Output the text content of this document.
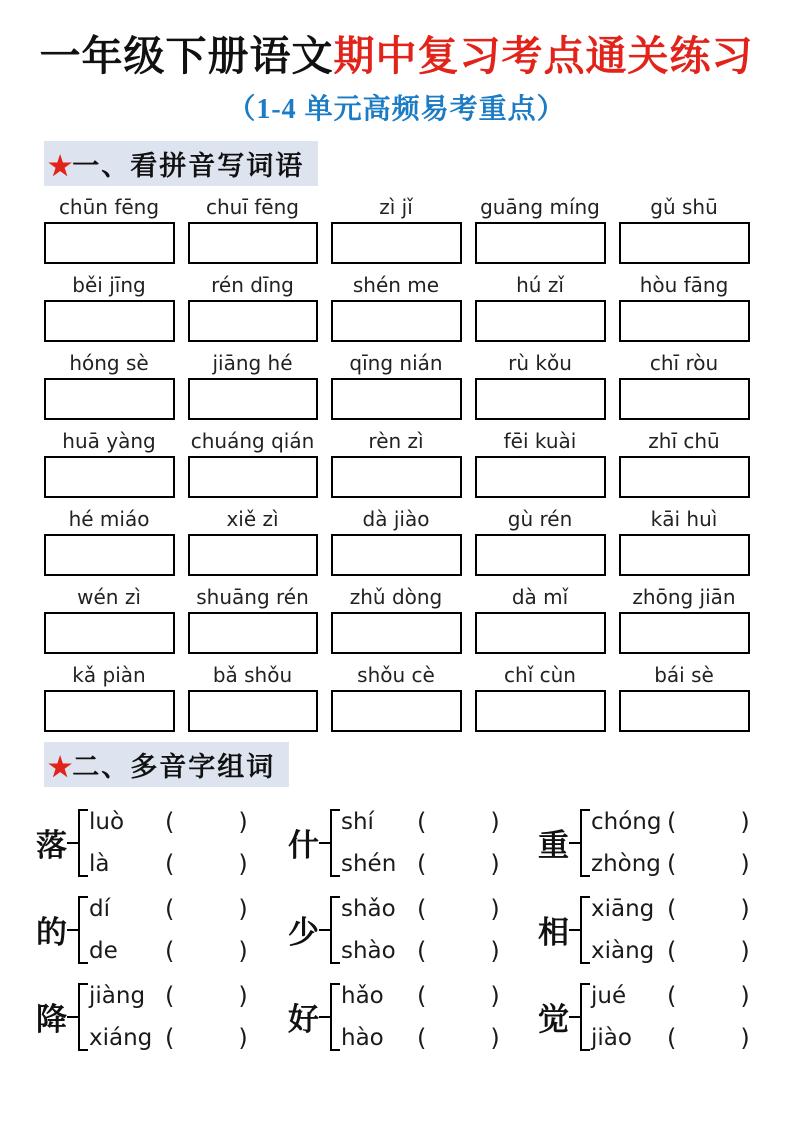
一年级下册语文期中复习考点通关练习
（1-4 单元高频易考重点）
★一、看拼音写词语
chūn fēng	chuī fēng	zì jǐ	guāng míng	gǔ shū
běi jīng	rén dīng	shén me	hú zǐ	hòu fāng
hóng sè	jiāng hé	qīng nián	rù kǒu	chī ròu
huā yàng	chuáng qián	rèn zì	fēi kuài	zhī chū
hé miáo	xiě zì	dà jiào	gù rén	kāi huì
wén zì	shuāng rén	zhǔ dòng	dà mǐ	zhōng jiān
kǎ piàn	bǎ shǒu	shǒu cè	chǐ cùn	bái sè
★二、多音字组词
落
luò	(	)
là	(	)
什
shí	(	)
shén (	)
重
chóng (	)
zhòng (	)
的
dí	(	)
de	(	)
少
shǎo (	)
shào (	)
相
xiāng (	)
xiàng (	)
降
jiàng (	)
xiáng (	)
好
hǎo	(	)
hào	(	)
觉
jué	(	)
jiào	(	)
